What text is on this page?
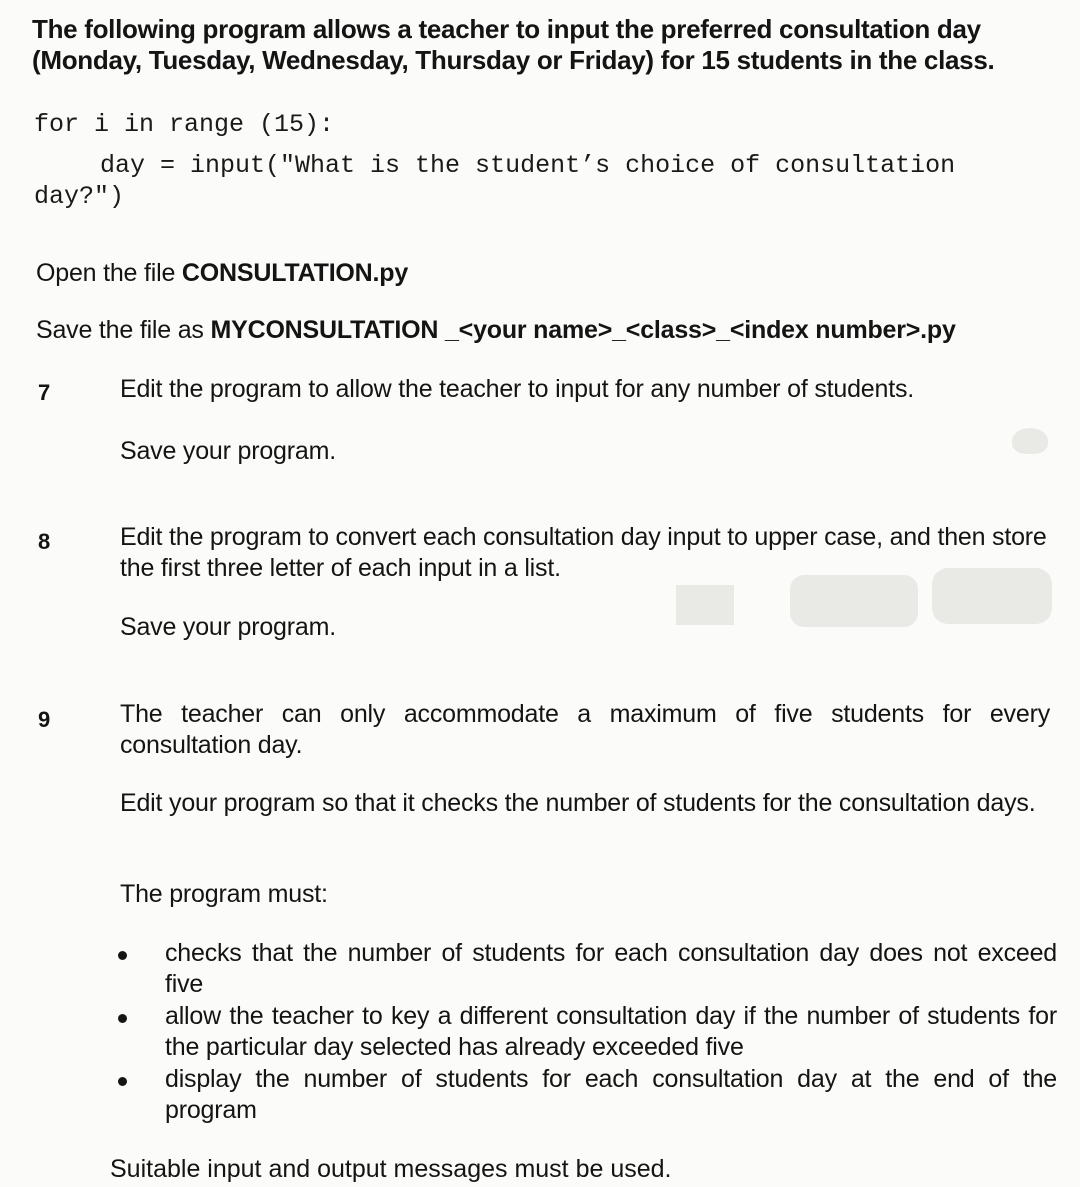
The following program allows a teacher to input the preferred consultation day (Monday, Tuesday, Wednesday, Thursday or Friday) for 15 students in the class.
for i in range (15):
day = input("What is the student’s choice of consultation
day?")
Open the file CONSULTATION.py
Save the file as MYCONSULTATION _<your name>_<class>_<index number>.py
7	Edit the program to allow the teacher to input for any number of students.
Save your program.
8	Edit the program to convert each consultation day input to upper case, and then store the first three letter of each input in a list.
Save your program.
9	The teacher can only accommodate a maximum of five students for every consultation day.
Edit your program so that it checks the number of students for the consultation days.
The program must:
checks that the number of students for each consultation day does not exceed five
allow the teacher to key a different consultation day if the number of students for the particular day selected has already exceeded five
display the number of students for each consultation day at the end of the program
Suitable input and output messages must be used.
